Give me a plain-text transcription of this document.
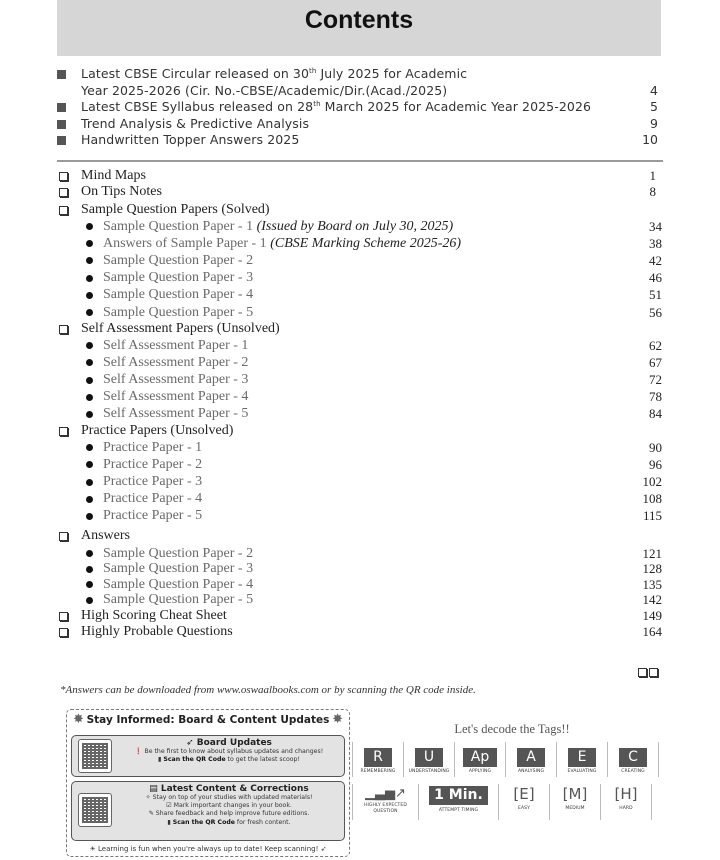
Contents
Latest CBSE Circular released on 30th July 2025 for Academic
Year 2025-2026 (Cir. No.-CBSE/Academic/Dir.(Acad./2025)	4
Latest CBSE Syllabus released on 28th March 2025 for Academic Year 2025-2026	5
Trend Analysis & Predictive Analysis	9
Handwritten Topper Answers 2025	10
Mind Maps	1
On Tips Notes	8
Sample Question Papers (Solved)
Sample Question Paper - 1 (Issued by Board on July 30, 2025)	34
Answers of Sample Paper - 1 (CBSE Marking Scheme 2025-26)	38
Sample Question Paper - 2	42
Sample Question Paper - 3	46
Sample Question Paper - 4	51
Sample Question Paper - 5	56
Self Assessment Papers (Unsolved)
Self Assessment Paper - 1	62
Self Assessment Paper - 2	67
Self Assessment Paper - 3	72
Self Assessment Paper - 4	78
Self Assessment Paper - 5	84
Practice Papers (Unsolved)
Practice Paper - 1	90
Practice Paper - 2	96
Practice Paper - 3	102
Practice Paper - 4	108
Practice Paper - 5	115
Answers
Sample Question Paper - 2	121
Sample Question Paper - 3	128
Sample Question Paper - 4	135
Sample Question Paper - 5	142
High Scoring Cheat Sheet	149
Highly Probable Questions	164
*Answers can be downloaded from www.oswaalbooks.com or by scanning the QR code inside.
✸ Stay Informed: Board & Content Updates ✸
➶ Board Updates
❗ Be the first to know about syllabus updates and changes!
▮ Scan the QR Code to get the latest scoop!
▤ Latest Content & Corrections
✧ Stay on top of your studies with updated materials!
☑ Mark important changes in your book.
✎ Share feedback and help improve future editions.
▮ Scan the QR Code for fresh content.
☀ Learning is fun when you're always up to date! Keep scanning! ➶
Let's decode the Tags!!
R
REMEMBERING
U
UNDERSTANDING
Ap
APPLYING
A
ANALYSING
E
EVALUATING
C
CREATING
▁▃▅↗
HIGHLY EXPECTED QUESTION
1 Min.
ATTEMPT TIMING
[E]
EASY
[M]
MEDIUM
[H]
HARD
